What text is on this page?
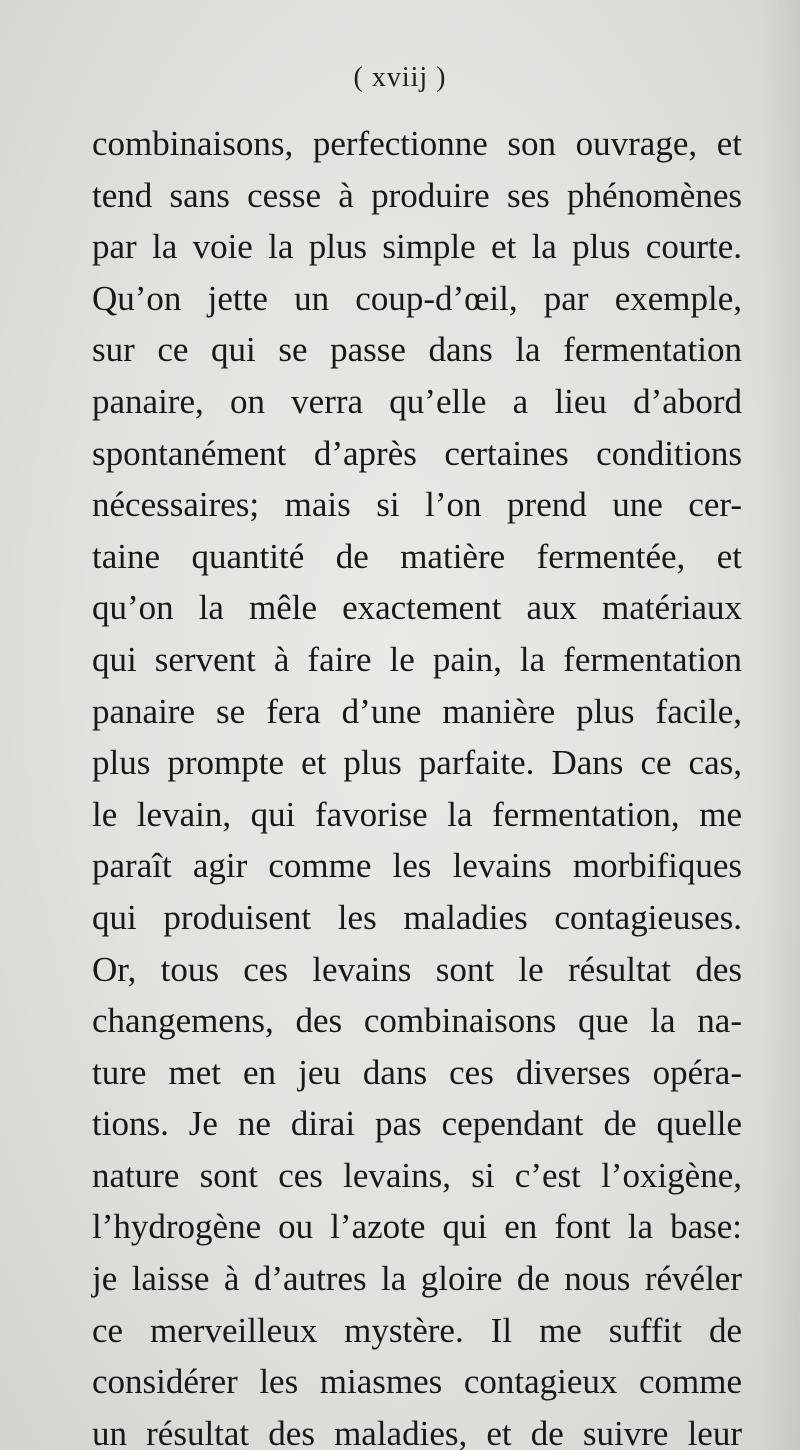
( xviij )
combinaisons, perfectionne son ouvrage, et
tend sans cesse à produire ses phénomènes
par la voie la plus simple et la plus courte.
Qu’on jette un coup-d’œil, par exemple,
sur ce qui se passe dans la fermentation
panaire, on verra qu’elle a lieu d’abord
spontanément d’après certaines conditions
nécessaires; mais si l’on prend une cer-
taine quantité de matière fermentée, et
qu’on la mêle exactement aux matériaux
qui servent à faire le pain, la fermentation
panaire se fera d’une manière plus facile,
plus prompte et plus parfaite. Dans ce cas,
le levain, qui favorise la fermentation, me
paraît agir comme les levains morbifiques
qui produisent les maladies contagieuses.
Or, tous ces levains sont le résultat des
changemens, des combinaisons que la na-
ture met en jeu dans ces diverses opéra-
tions. Je ne dirai pas cependant de quelle
nature sont ces levains, si c’est l’oxigène,
l’hydrogène ou l’azote qui en font la base:
je laisse à d’autres la gloire de nous révéler
ce merveilleux mystère. Il me suffit de
considérer les miasmes contagieux comme
un résultat des maladies, et de suivre leur
